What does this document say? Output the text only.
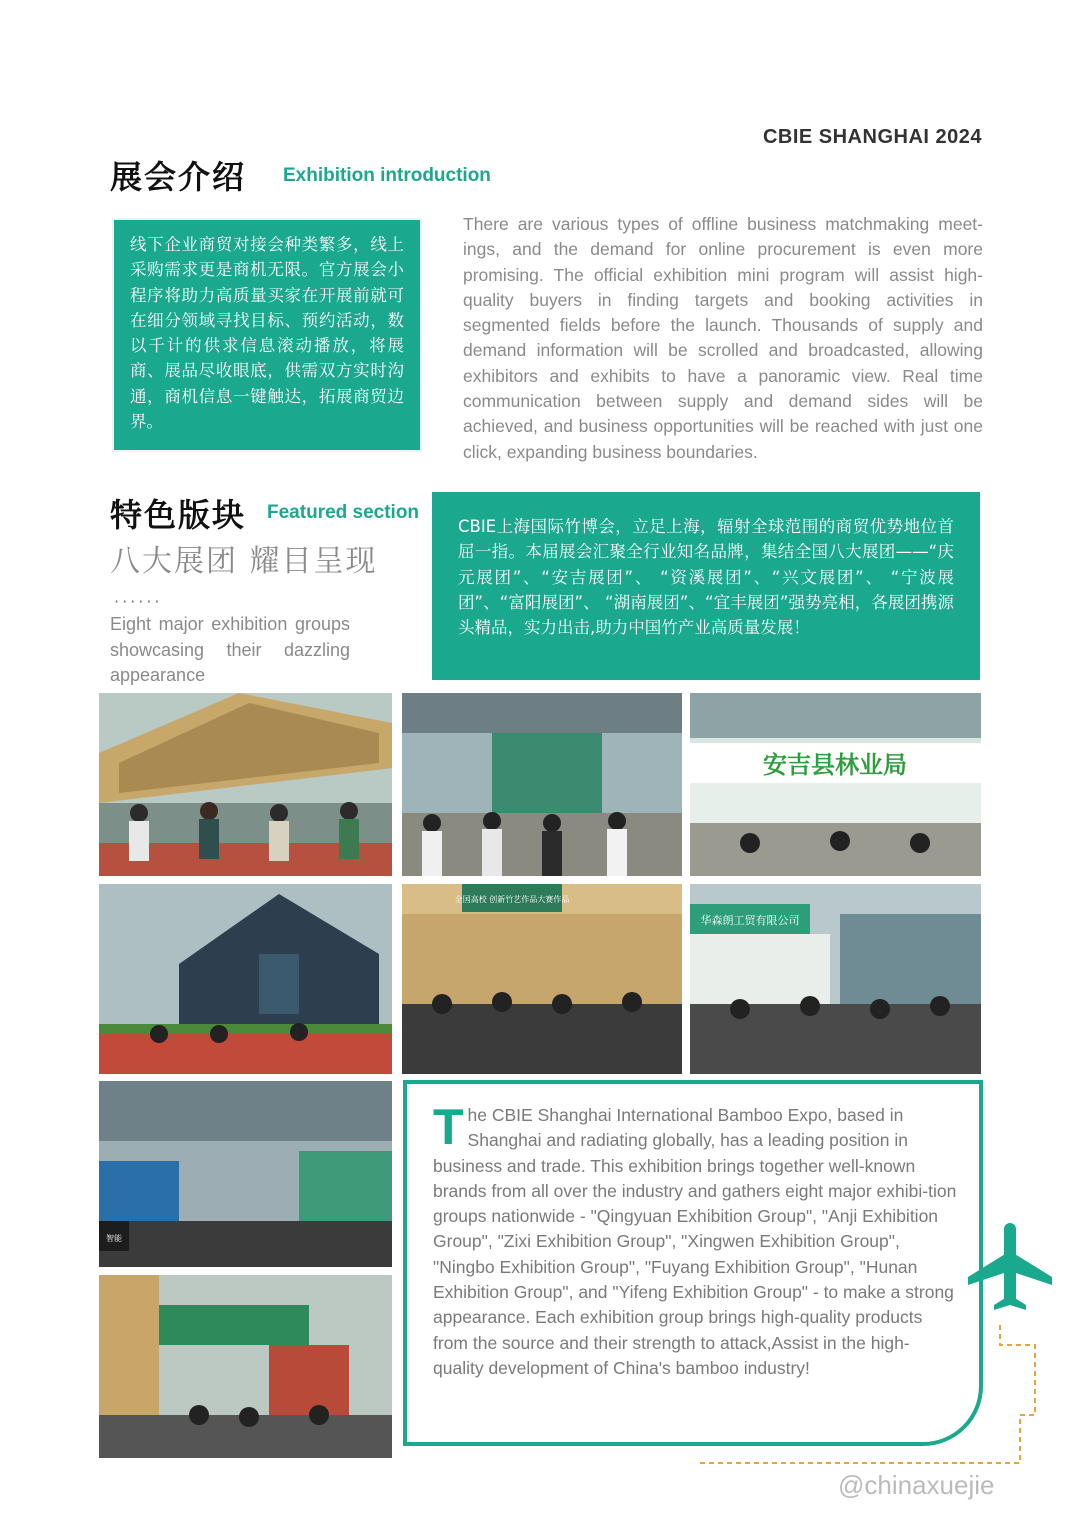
CBIE SHANGHAI 2024
展会介绍 Exhibition introduction
线下企业商贸对接会种类繁多，线上采购需求更是商机无限。官方展会小程序将助力高质量买家在开展前就可在细分领域寻找目标、预约活动，数以千计的供求信息滚动播放，将展商、展品尽收眼底，供需双方实时沟通，商机信息一键触达，拓展商贸边界。
There are various types of offline business matchmaking meet-ings, and the demand for online procurement is even more promising. The official exhibition mini program will assist high-quality buyers in finding targets and booking activities in segmented fields before the launch. Thousands of supply and demand information will be scrolled and broadcasted, allowing exhibitors and exhibits to have a panoramic view. Real time communication between supply and demand sides will be achieved, and business opportunities will be reached with just one click, expanding business boundaries.
特色版块 Featured section
八大展团 耀目呈现
······
Eight major exhibition groups showcasing their dazzling appearance
CBIE上海国际竹博会，立足上海，辐射全球范围的商贸优势地位首屈一指。本届展会汇聚全行业知名品牌，集结全国八大展团——“庆元展团”、“安吉展团”、 “资溪展团”、“兴文展团”、 “宁波展团”、“富阳展团”、 “湖南展团”、“宜丰展团”强势亮相，各展团携源头精品，实力出击,助力中国竹产业高质量发展！
安吉县林业局
全国高校 创新竹艺作品大赛作品
华森朗工贸有限公司
智能
The CBIE Shanghai International Bamboo Expo, based in Shanghai and radiating globally, has a leading position in business and trade. This exhibition brings together well-known brands from all over the industry and gathers eight major exhibi-tion groups nationwide - "Qingyuan Exhibition Group", "Anji Exhibition Group", "Zixi Exhibition Group", "Xingwen Exhibition Group", "Ningbo Exhibition Group", "Fuyang Exhibition Group", "Hunan Exhibition Group", and "Yifeng Exhibition Group" - to make a strong appearance. Each exhibition group brings high-quality products from the source and their strength to attack,Assist in the high-quality development of China's bamboo industry!
@chinaxuejie
